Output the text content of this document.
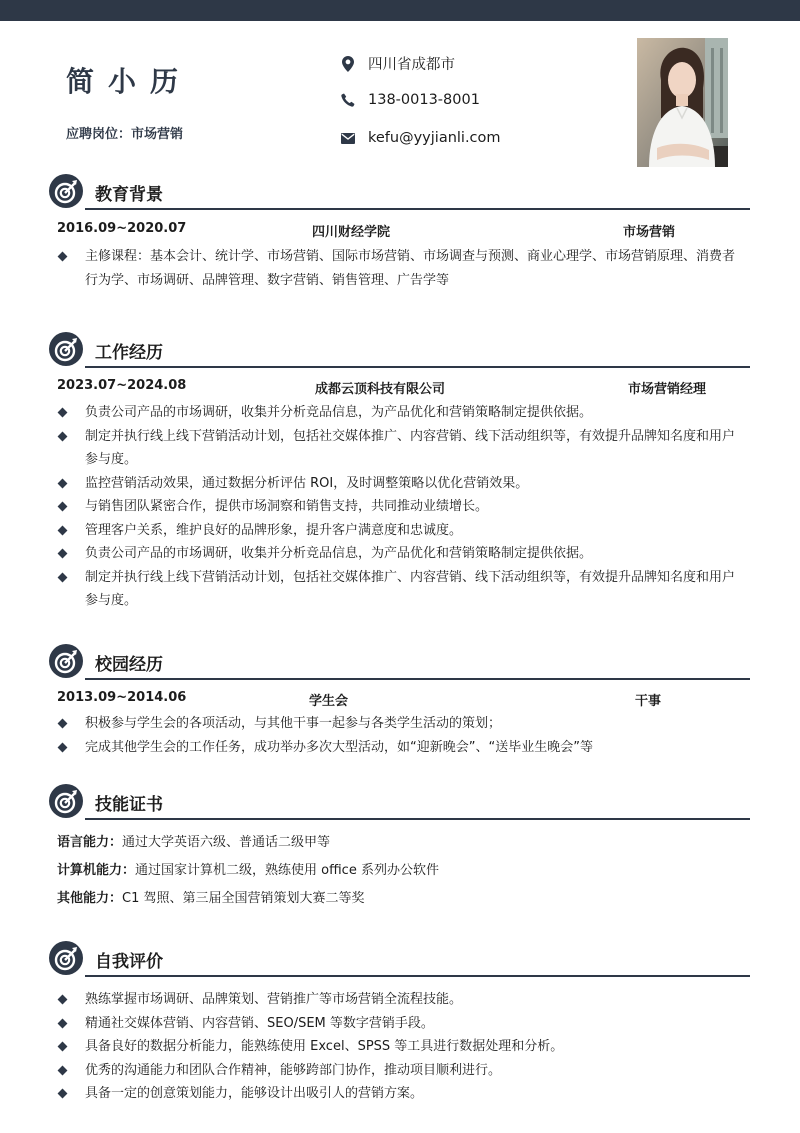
简小历
应聘岗位：市场营销
四川省成都市
138-0013-8001
kefu@yyjianli.com
教育背景
2016.09~2020.07	四川财经学院	市场营销
主修课程：基本会计、统计学、市场营销、国际市场营销、市场调查与预测、商业心理学、市场营销原理、消费者行为学、市场调研、品牌管理、数字营销、销售管理、广告学等
工作经历
2023.07~2024.08	成都云顶科技有限公司	市场营销经理
负责公司产品的市场调研，收集并分析竞品信息，为产品优化和营销策略制定提供依据。
制定并执行线上线下营销活动计划，包括社交媒体推广、内容营销、线下活动组织等，有效提升品牌知名度和用户参与度。
监控营销活动效果，通过数据分析评估 ROI，及时调整策略以优化营销效果。
与销售团队紧密合作，提供市场洞察和销售支持，共同推动业绩增长。
管理客户关系，维护良好的品牌形象，提升客户满意度和忠诚度。
负责公司产品的市场调研，收集并分析竞品信息，为产品优化和营销策略制定提供依据。
制定并执行线上线下营销活动计划，包括社交媒体推广、内容营销、线下活动组织等，有效提升品牌知名度和用户参与度。
校园经历
2013.09~2014.06	学生会	干事
积极参与学生会的各项活动，与其他干事一起参与各类学生活动的策划；
完成其他学生会的工作任务，成功举办多次大型活动，如“迎新晚会”、“送毕业生晚会”等
技能证书
语言能力：通过大学英语六级、普通话二级甲等
计算机能力：通过国家计算机二级，熟练使用 office 系列办公软件
其他能力：C1 驾照、第三届全国营销策划大赛二等奖
自我评价
熟练掌握市场调研、品牌策划、营销推广等市场营销全流程技能。
精通社交媒体营销、内容营销、SEO/SEM 等数字营销手段。
具备良好的数据分析能力，能熟练使用 Excel、SPSS 等工具进行数据处理和分析。
优秀的沟通能力和团队合作精神，能够跨部门协作，推动项目顺利进行。
具备一定的创意策划能力，能够设计出吸引人的营销方案。
